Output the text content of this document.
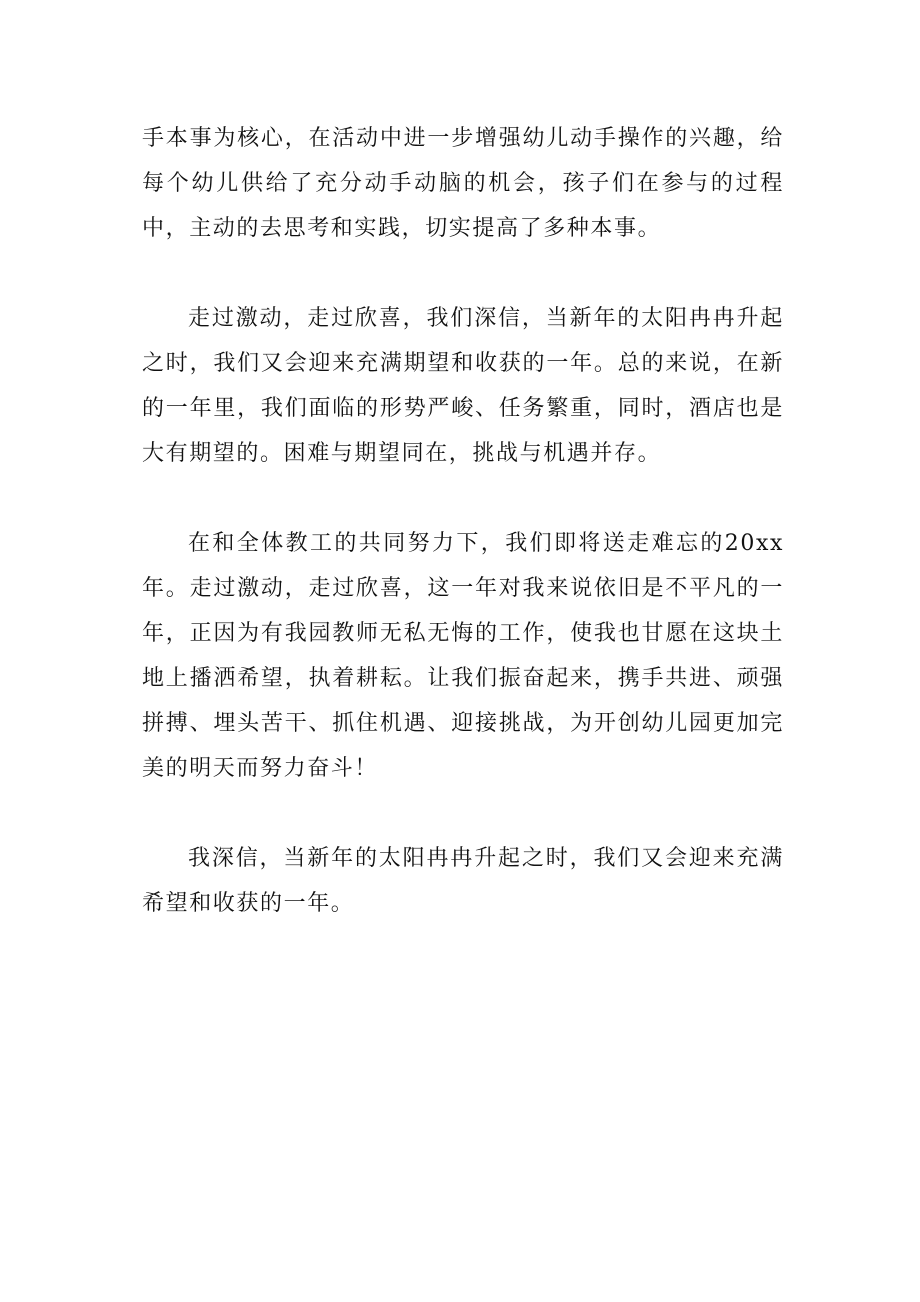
手本事为核心，在活动中进一步增强幼儿动手操作的兴趣，给每个幼儿供给了充分动手动脑的机会，孩子们在参与的过程中，主动的去思考和实践，切实提高了多种本事。

走过激动，走过欣喜，我们深信，当新年的太阳冉冉升起之时，我们又会迎来充满期望和收获的一年。总的来说，在新的一年里，我们面临的形势严峻、任务繁重，同时，酒店也是大有期望的。困难与期望同在，挑战与机遇并存。

在和全体教工的共同努力下，我们即将送走难忘的20xx年。走过激动，走过欣喜，这一年对我来说依旧是不平凡的一年，正因为有我园教师无私无悔的工作，使我也甘愿在这块土地上播洒希望，执着耕耘。让我们振奋起来，携手共进、顽强拼搏、埋头苦干、抓住机遇、迎接挑战，为开创幼儿园更加完美的明天而努力奋斗！

我深信，当新年的太阳冉冉升起之时，我们又会迎来充满希望和收获的一年。
